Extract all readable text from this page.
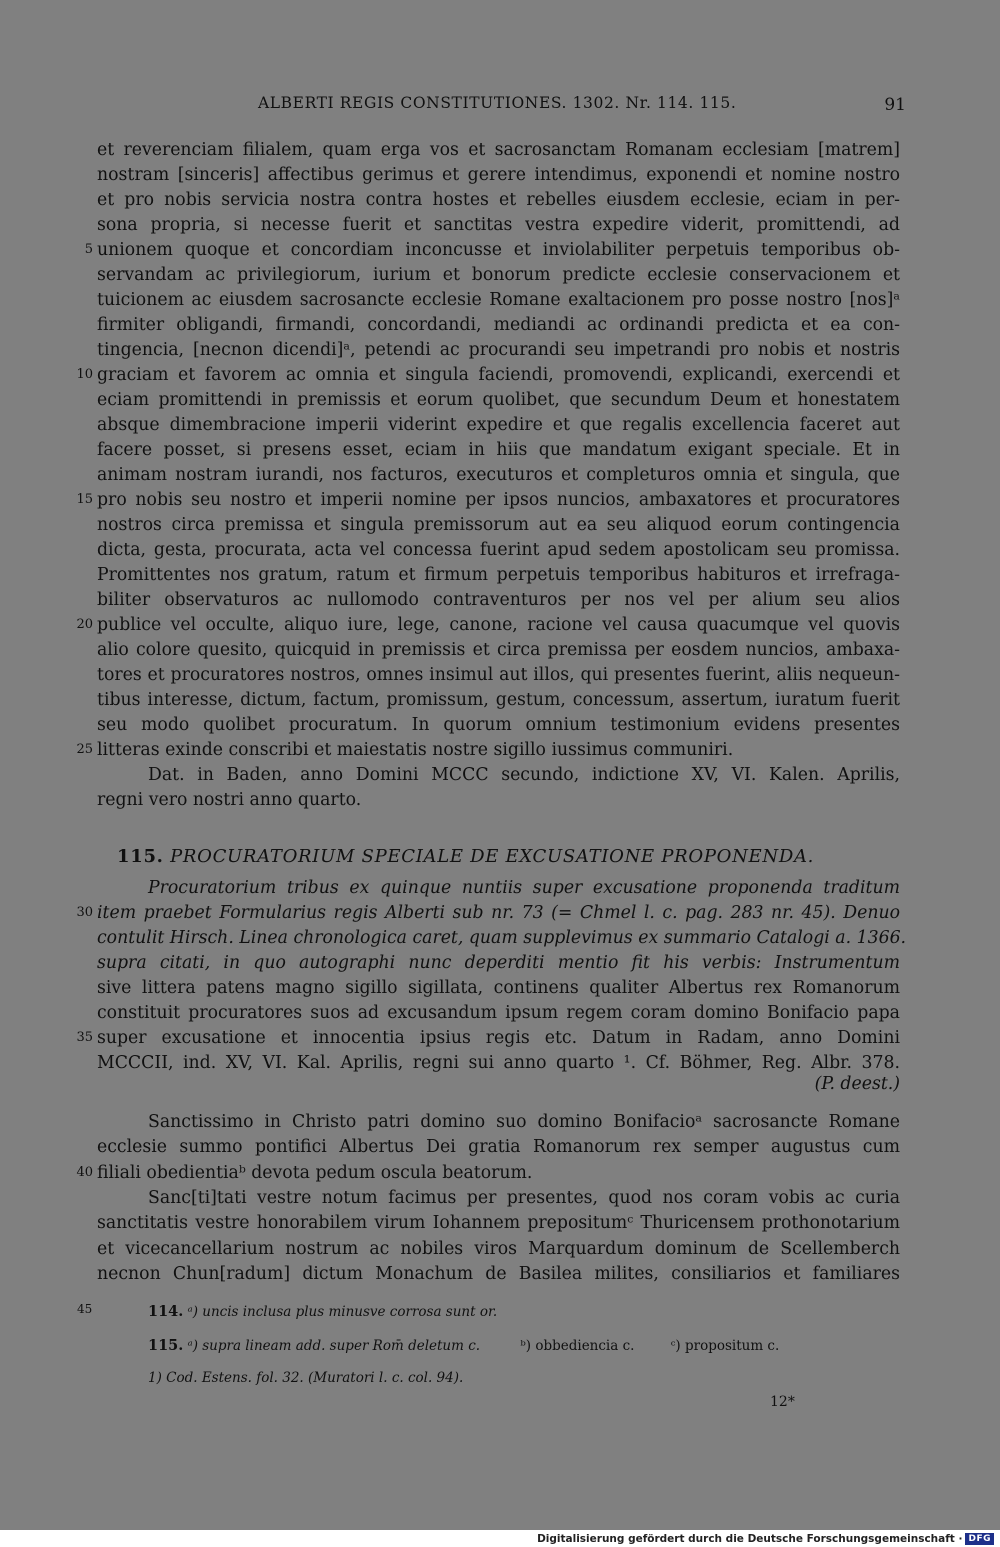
ALBERTI REGIS CONSTITUTIONES. 1302. Nr. 114. 115.	91
et reverenciam filialem, quam erga vos et sacrosanctam Romanam ecclesiam [matrem]
nostram [sinceris] affectibus gerimus et gerere intendimus, exponendi et nomine nostro
et pro nobis servicia nostra contra hostes et rebelles eiusdem ecclesie, eciam in per-
sona propria, si necesse fuerit et sanctitas vestra expedire viderit, promittendi, ad
unionem quoque et concordiam inconcusse et inviolabiliter perpetuis temporibus ob-
5
servandam ac privilegiorum, iurium et bonorum predicte ecclesie conservacionem et
tuicionem ac eiusdem sacrosancte ecclesie Romane exaltacionem pro posse nostro [nos]ᵃ
firmiter obligandi, firmandi, concordandi, mediandi ac ordinandi predicta et ea con-
tingencia, [necnon dicendi]ᵃ, petendi ac procurandi seu impetrandi pro nobis et nostris
graciam et favorem ac omnia et singula faciendi, promovendi, explicandi, exercendi et
10
eciam promittendi in premissis et eorum quolibet, que secundum Deum et honestatem
absque dimembracione imperii viderint expedire et que regalis excellencia faceret aut
facere posset, si presens esset, eciam in hiis que mandatum exigant speciale. Et in
animam nostram iurandi, nos facturos, executuros et completuros omnia et singula, que
pro nobis seu nostro et imperii nomine per ipsos nuncios, ambaxatores et procuratores
15
nostros circa premissa et singula premissorum aut ea seu aliquod eorum contingencia
dicta, gesta, procurata, acta vel concessa fuerint apud sedem apostolicam seu promissa.
Promittentes nos gratum, ratum et firmum perpetuis temporibus habituros et irrefraga-
biliter observaturos ac nullomodo contraventuros per nos vel per alium seu alios
publice vel occulte, aliquo iure, lege, canone, racione vel causa quacumque vel quovis
20
alio colore quesito, quicquid in premissis et circa premissa per eosdem nuncios, ambaxa-
tores et procuratores nostros, omnes insimul aut illos, qui presentes fuerint, aliis nequeun-
tibus interesse, dictum, factum, promissum, gestum, concessum, assertum, iuratum fuerit
seu modo quolibet procuratum. In quorum omnium testimonium evidens presentes
litteras exinde conscribi et maiestatis nostre sigillo iussimus communiri.
25
Dat. in Baden, anno Domini MCCC secundo, indictione XV, VI. Kalen. Aprilis,
regni vero nostri anno quarto.
115. PROCURATORIUM SPECIALE DE EXCUSATIONE PROPONENDA.
Procuratorium tribus ex quinque nuntiis super excusatione proponenda traditum
item praebet Formularius regis Alberti sub nr. 73 (= Chmel l. c. pag. 283 nr. 45). Denuo
30
contulit Hirsch. Linea chronologica caret, quam supplevimus ex summario Catalogi a. 1366.
supra citati, in quo autographi nunc deperditi mentio fit his verbis: Instrumentum
sive littera patens magno sigillo sigillata, continens qualiter Albertus rex Romanorum
constituit procuratores suos ad excusandum ipsum regem coram domino Bonifacio papa
super excusatione et innocentia ipsius regis etc. Datum in Radam, anno Domini
35
MCCCII, ind. XV, VI. Kal. Aprilis, regni sui anno quarto ¹. Cf. Böhmer, Reg. Albr. 378.
(P. deest.)
Sanctissimo in Christo patri domino suo domino Bonifacioᵃ sacrosancte Romane
ecclesie summo pontifici Albertus Dei gratia Romanorum rex semper augustus cum
filiali obedientiaᵇ devota pedum oscula beatorum.
40
Sanc[ti]tati vestre notum facimus per presentes, quod nos coram vobis ac curia
sanctitatis vestre honorabilem virum Iohannem prepositumᶜ Thuricensem prothonotarium
et vicecancellarium nostrum ac nobiles viros Marquardum dominum de Scellemberch
necnon Chun[radum] dictum Monachum de Basilea milites, consiliarios et familiares
45	114. ᵃ) uncis inclusa plus minusve corrosa sunt or.
115. ᵃ) supra lineam add. super Rom̄ deletum c.	ᵇ) obbediencia c.	ᶜ) propositum c.
1) Cod. Estens. fol. 32. (Muratori l. c. col. 94).
12*
Digitalisierung gefördert durch die Deutsche Forschungsgemeinschaft · DFG
